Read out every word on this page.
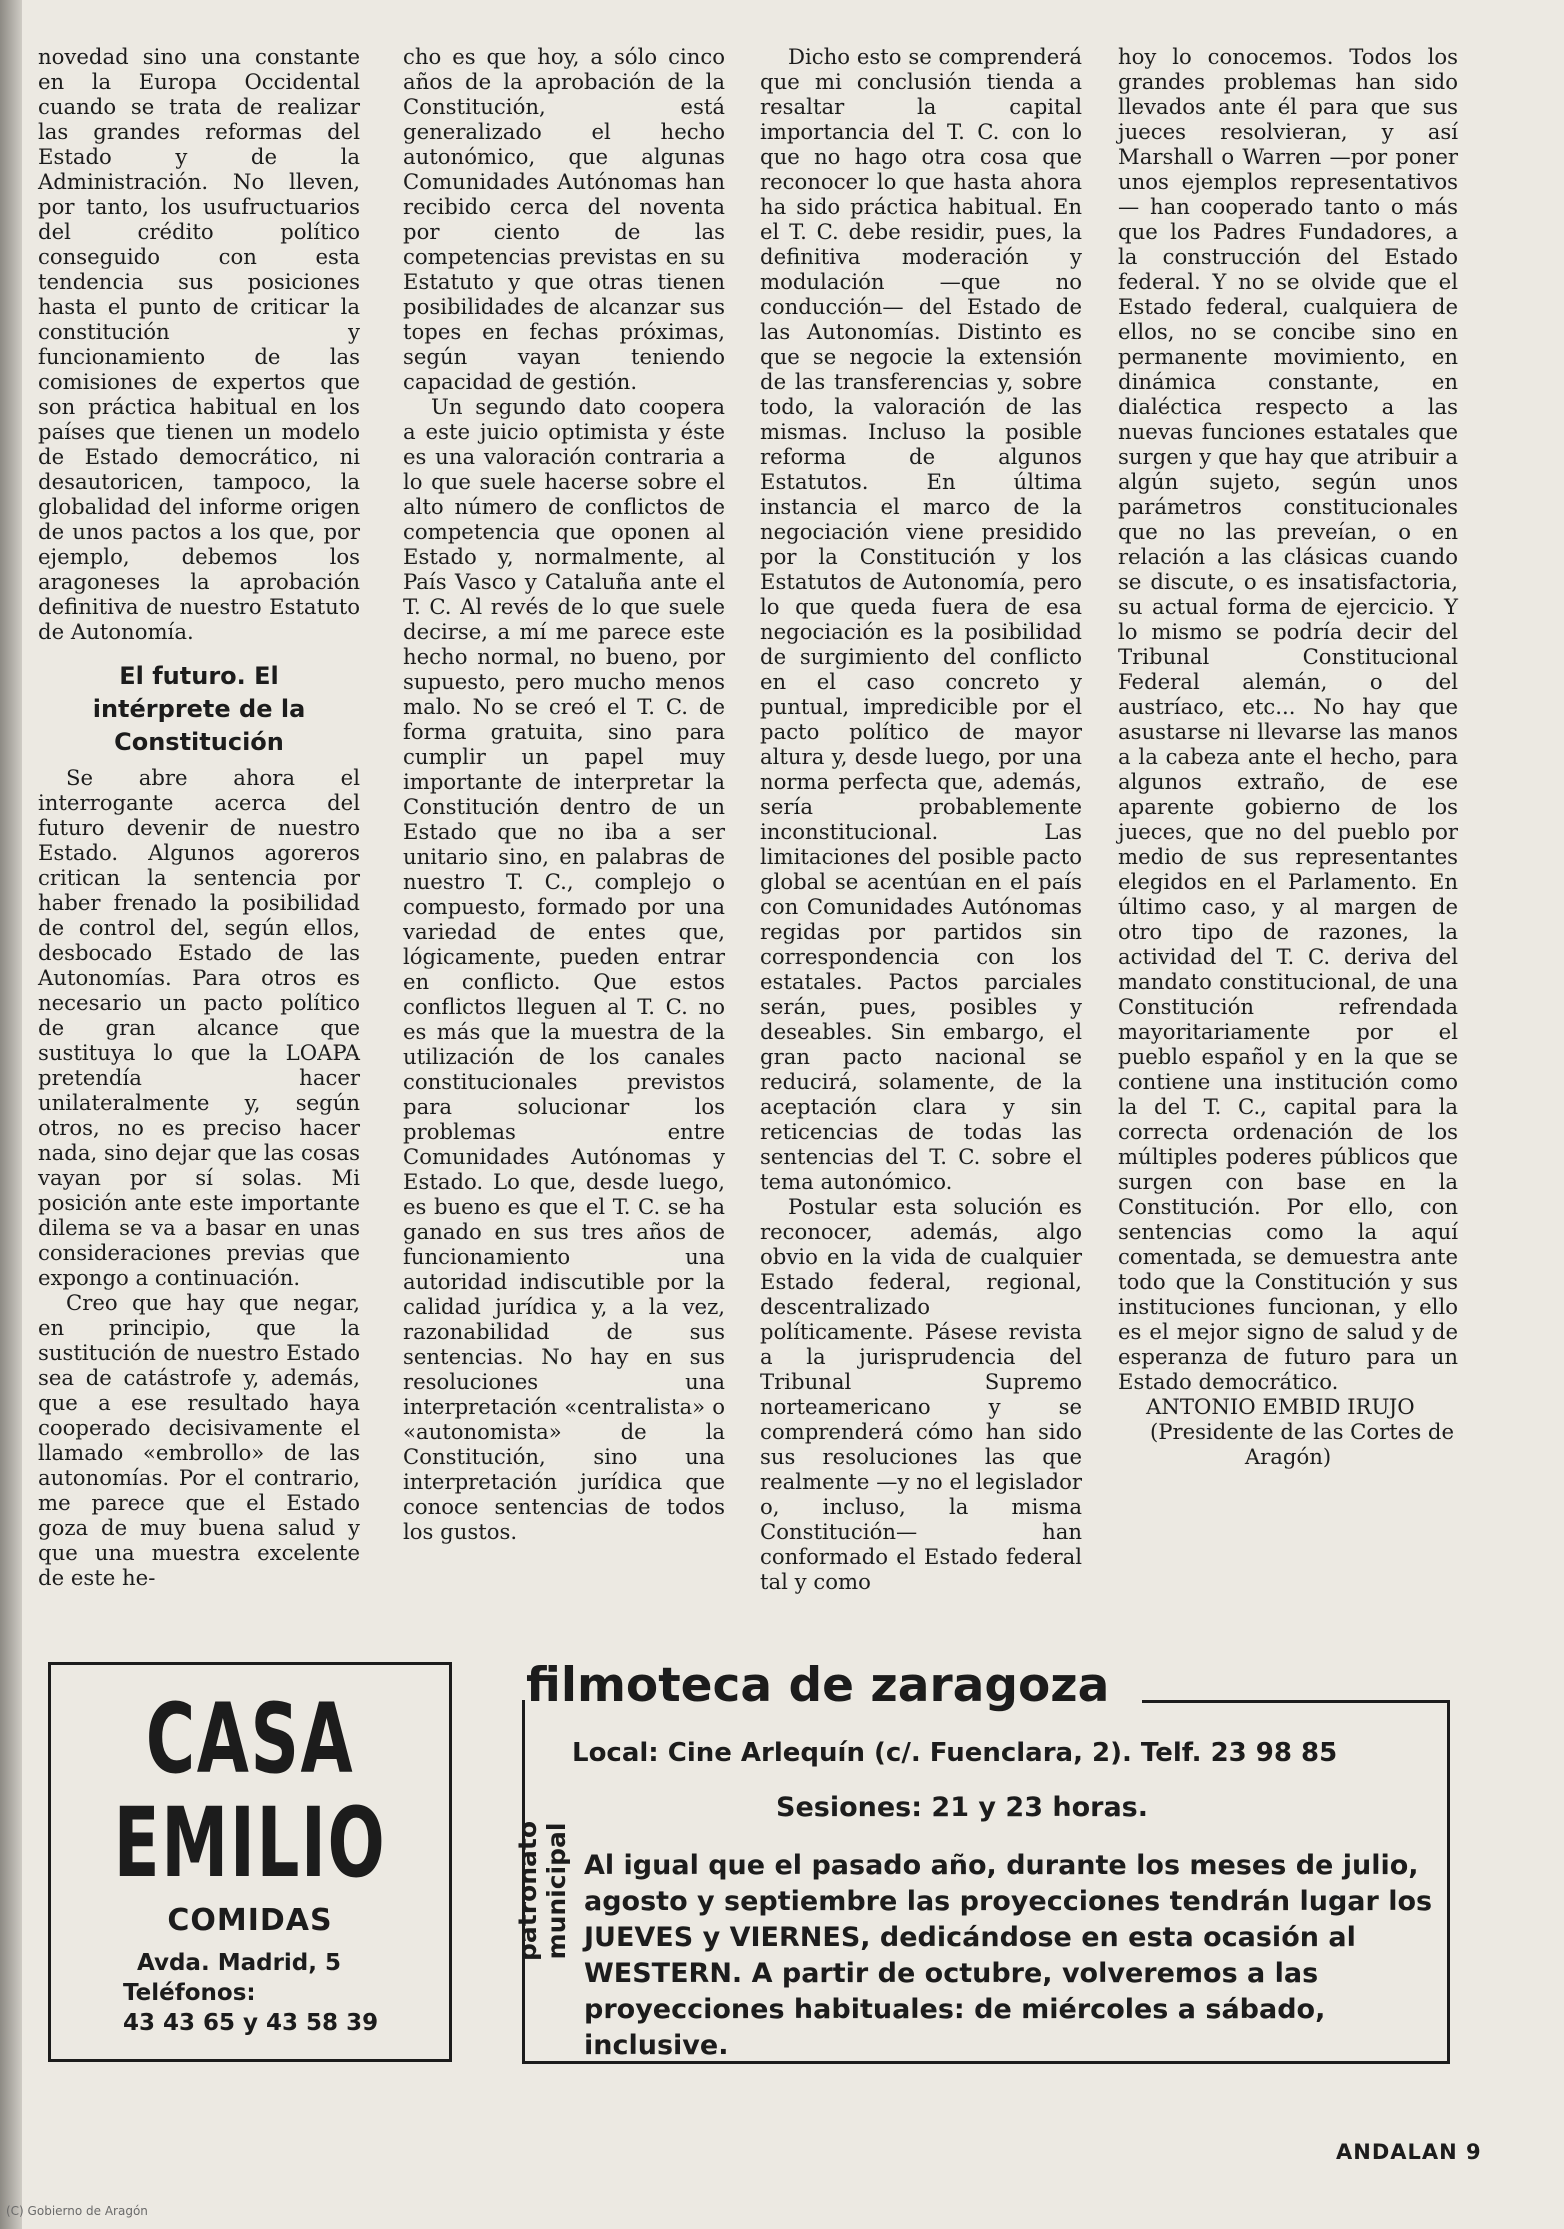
novedad sino una constante en la Europa Occidental cuando se trata de realizar las grandes reformas del Estado y de la Administración. No lleven, por tanto, los usufructuarios del crédito político conseguido con esta tendencia sus posiciones hasta el punto de criticar la constitución y funcionamiento de las comisiones de expertos que son práctica habitual en los países que tienen un modelo de Estado democrático, ni desautoricen, tampoco, la globalidad del informe origen de unos pactos a los que, por ejemplo, debemos los aragoneses la aprobación definitiva de nuestro Estatuto de Autonomía.

El futuro. El
intérprete de la
Constitución

Se abre ahora el interrogante acerca del futuro devenir de nuestro Estado. Algunos agoreros critican la sentencia por haber frenado la posibilidad de control del, según ellos, desbocado Estado de las Autonomías. Para otros es necesario un pacto político de gran alcance que sustituya lo que la LOAPA pretendía hacer unilateralmente y, según otros, no es preciso hacer nada, sino dejar que las cosas vayan por sí solas. Mi posición ante este importante dilema se va a basar en unas consideraciones previas que expongo a continuación.

Creo que hay que negar, en principio, que la sustitución de nuestro Estado sea de catástrofe y, además, que a ese resultado haya cooperado decisivamente el llamado «embrollo» de las autonomías. Por el contrario, me parece que el Estado goza de muy buena salud y que una muestra excelente de este he-

cho es que hoy, a sólo cinco años de la aprobación de la Constitución, está generalizado el hecho autonómico, que algunas Comunidades Autónomas han recibido cerca del noventa por ciento de las competencias previstas en su Estatuto y que otras tienen posibilidades de alcanzar sus topes en fechas próximas, según vayan teniendo capacidad de gestión.

Un segundo dato coopera a este juicio optimista y éste es una valoración contraria a lo que suele hacerse sobre el alto número de conflictos de competencia que oponen al Estado y, normalmente, al País Vasco y Cataluña ante el T. C. Al revés de lo que suele decirse, a mí me parece este hecho normal, no bueno, por supuesto, pero mucho menos malo. No se creó el T. C. de forma gratuita, sino para cumplir un papel muy importante de interpretar la Constitución dentro de un Estado que no iba a ser unitario sino, en palabras de nuestro T. C., complejo o compuesto, formado por una variedad de entes que, lógicamente, pueden entrar en conflicto. Que estos conflictos lleguen al T. C. no es más que la muestra de la utilización de los canales constitucionales previstos para solucionar los problemas entre Comunidades Autónomas y Estado. Lo que, desde luego, es bueno es que el T. C. se ha ganado en sus tres años de funcionamiento una autoridad indiscutible por la calidad jurídica y, a la vez, razonabilidad de sus sentencias. No hay en sus resoluciones una interpretación «centralista» o «autonomista» de la Constitución, sino una interpretación jurídica que conoce sentencias de todos los gustos.

Dicho esto se comprenderá que mi conclusión tienda a resaltar la capital importancia del T. C. con lo que no hago otra cosa que reconocer lo que hasta ahora ha sido práctica habitual. En el T. C. debe residir, pues, la definitiva moderación y modulación —que no conducción— del Estado de las Autonomías. Distinto es que se negocie la extensión de las transferencias y, sobre todo, la valoración de las mismas. Incluso la posible reforma de algunos Estatutos. En última instancia el marco de la negociación viene presidido por la Constitución y los Estatutos de Autonomía, pero lo que queda fuera de esa negociación es la posibilidad de surgimiento del conflicto en el caso concreto y puntual, impredicible por el pacto político de mayor altura y, desde luego, por una norma perfecta que, además, sería probablemente inconstitucional. Las limitaciones del posible pacto global se acentúan en el país con Comunidades Autónomas regidas por partidos sin correspondencia con los estatales. Pactos parciales serán, pues, posibles y deseables. Sin embargo, el gran pacto nacional se reducirá, solamente, de la aceptación clara y sin reticencias de todas las sentencias del T. C. sobre el tema autonómico.

Postular esta solución es reconocer, además, algo obvio en la vida de cualquier Estado federal, regional, descentralizado políticamente. Pásese revista a la jurisprudencia del Tribunal Supremo norteamericano y se comprenderá cómo han sido sus resoluciones las que realmente —y no el legislador o, incluso, la misma Constitución— han conformado el Estado federal tal y como

hoy lo conocemos. Todos los grandes problemas han sido llevados ante él para que sus jueces resolvieran, y así Marshall o Warren —por poner unos ejemplos representativos— han cooperado tanto o más que los Padres Fundadores, a la construcción del Estado federal. Y no se olvide que el Estado federal, cualquiera de ellos, no se concibe sino en permanente movimiento, en dinámica constante, en dialéctica respecto a las nuevas funciones estatales que surgen y que hay que atribuir a algún sujeto, según unos parámetros constitucionales que no las preveían, o en relación a las clásicas cuando se discute, o es insatisfactoria, su actual forma de ejercicio. Y lo mismo se podría decir del Tribunal Constitucional Federal alemán, o del austríaco, etc... No hay que asustarse ni llevarse las manos a la cabeza ante el hecho, para algunos extraño, de ese aparente gobierno de los jueces, que no del pueblo por medio de sus representantes elegidos en el Parlamento. En último caso, y al margen de otro tipo de razones, la actividad del T. C. deriva del mandato constitucional, de una Constitución refrendada mayoritariamente por el pueblo español y en la que se contiene una institución como la del T. C., capital para la correcta ordenación de los múltiples poderes públicos que surgen con base en la Constitución. Por ello, con sentencias como la aquí comentada, se demuestra ante todo que la Constitución y sus instituciones funcionan, y ello es el mejor signo de salud y de esperanza de futuro para un Estado democrático.

ANTONIO EMBID IRUJO

(Presidente de las Cortes de Aragón)

CASA
EMILIO
COMIDAS
Avda. Madrid, 5
Teléfonos:
43 43 65 y 43 58 39
filmoteca de zaragoza
patronato municipal
Local: Cine Arlequín (c/. Fuenclara, 2). Telf. 23 98 85
Sesiones: 21 y 23 horas.
Al igual que el pasado año, durante los meses de julio, agosto y septiembre las proyecciones tendrán lugar los JUEVES y VIERNES, dedicándose en esta ocasión al WESTERN. A partir de octubre, volveremos a las proyecciones habituales: de miércoles a sábado, inclusive.
ANDALAN 9
(C) Gobierno de Aragón
